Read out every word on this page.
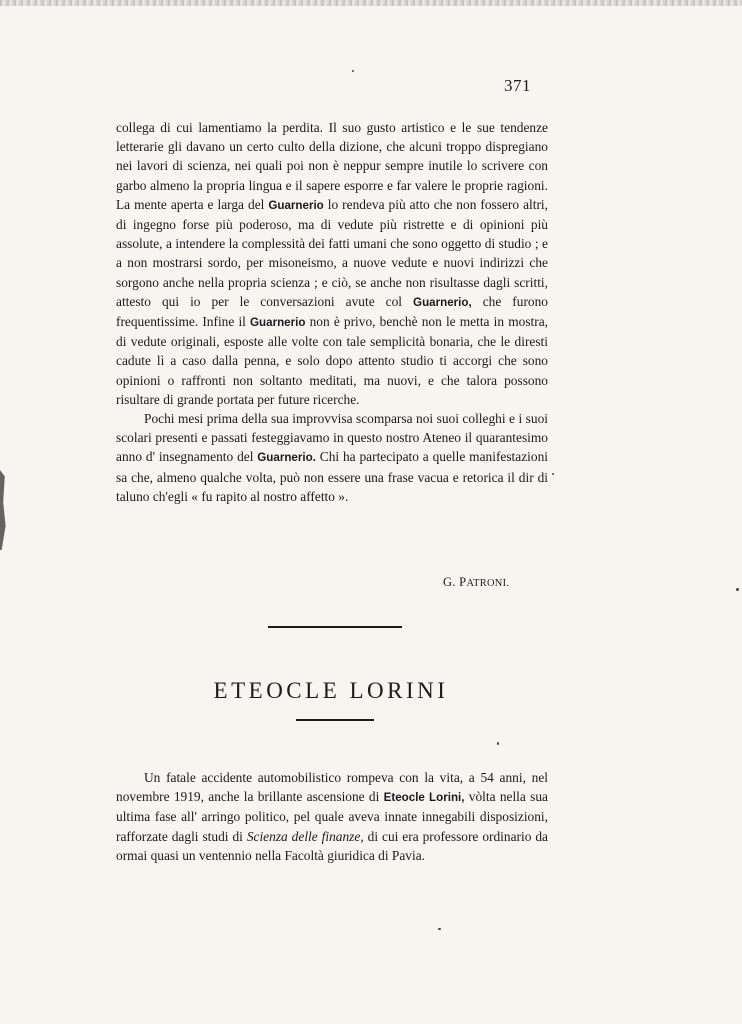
371

collega di cui lamentiamo la perdita. Il suo gusto artistico e le sue tendenze letterarie gli davano un certo culto della dizione, che alcuni troppo dispregiano nei lavori di scienza, nei quali poi non è neppur sempre inutile lo scrivere con garbo almeno la propria lingua e il sapere esporre e far valere le proprie ragioni. La mente aperta e larga del Guarnerio lo rendeva più atto che non fossero altri, di ingegno forse più poderoso, ma di vedute più ristrette e di opinioni più assolute, a intendere la complessità dei fatti umani che sono oggetto di studio ; e a non mostrarsi sordo, per misoneismo, a nuove vedute e nuovi indirizzi che sorgono anche nella propria scienza ; e ciò, se anche non risultasse dagli scritti, attesto qui io per le conversazioni avute col Guarnerio, che furono frequentissime. Infine il Guarnerio non è privo, benchè non le metta in mostra, di vedute originali, esposte alle volte con tale semplicità bonaria, che le diresti cadute lì a caso dalla penna, e solo dopo attento studio ti accorgi che sono opinioni o raffronti non soltanto meditati, ma nuovi, e che talora possono risultare di grande portata per future ricerche.

Pochi mesi prima della sua improvvisa scomparsa noi suoi colleghi e i suoi scolari presenti e passati festeggiavamo in questo nostro Ateneo il quarantesimo anno d' insegnamento del Guarnerio. Chi ha partecipato a quelle manifestazioni sa che, almeno qualche volta, può non essere una frase vacua e retorica il dir di taluno ch'egli « fu rapito al nostro affetto ».

G. PATRONI.
ETEOCLE LORINI

Un fatale accidente automobilistico rompeva con la vita, a 54 anni, nel novembre 1919, anche la brillante ascensione di Eteocle Lorini, vòlta nella sua ultima fase all' arringo politico, pel quale aveva innate innegabili disposizioni, rafforzate dagli studi di Scienza delle finanze, di cui era professore ordinario da ormai quasi un ventennio nella Facoltà giuridica di Pavia.
